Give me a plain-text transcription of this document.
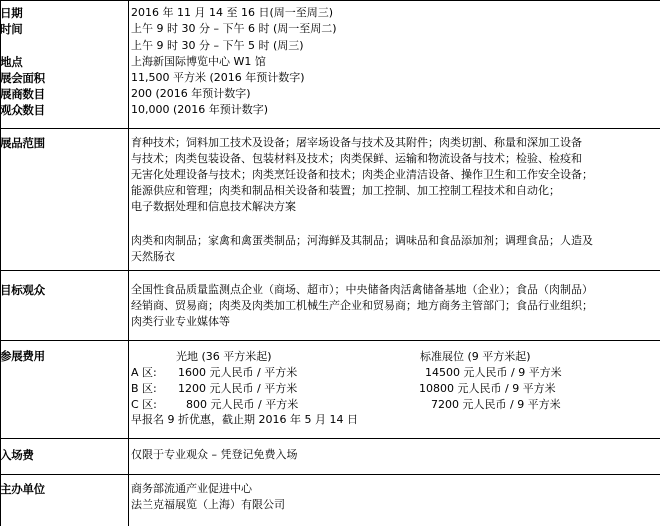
日期	2016 年 11 月 14 至 16 日(周一至周三)
时间	上午 9 时 30 分 – 下午 6 时 (周一至周二)
上午 9 时 30 分 – 下午 5 时 (周三)
地点	上海新国际博览中心 W1 馆
展会面积	11,500 平方米 (2016 年预计数字)
展商数目	200 (2016 年预计数字)
观众数目	10,000 (2016 年预计数字)
展品范围	育种技术；饲料加工技术及设备；屠宰场设备与技术及其附件；肉类切割、称量和深加工设备
与技术；肉类包装设备、包装材料及技术；肉类保鲜、运输和物流设备与技术；检验、检疫和
无害化处理设备与技术；肉类烹饪设备和技术；肉类企业清洁设备、操作卫生和工作安全设备；
能源供应和管理；肉类和制品相关设备和装置；加工控制、加工控制工程技术和自动化；
电子数据处理和信息技术解决方案
肉类和肉制品；家禽和禽蛋类制品；河海鲜及其制品；调味品和食品添加剂；调理食品；人造及
天然肠衣
目标观众	全国性食品质量监测点企业（商场、超市）；中央储备肉活禽储备基地（企业）；食品（肉制品）
经销商、贸易商；肉类及肉类加工机械生产企业和贸易商；地方商务主管部门；食品行业组织；
肉类行业专业媒体等
参展费用	光地 (36 平方米起)	标准展位 (9 平方米起)
A 区: 1600 元人民币 / 平方米	14500 元人民币 / 9 平方米
B 区: 1200 元人民币 / 平方米	10800 元人民币 / 9 平方米
C 区:	800 元人民币 / 平方米	7200 元人民币 / 9 平方米
早报名 9 折优惠，截止期 2016 年 5 月 14 日
入场费	仅限于专业观众 – 凭登记免费入场
主办单位	商务部流通产业促进中心
法兰克福展览（上海）有限公司
